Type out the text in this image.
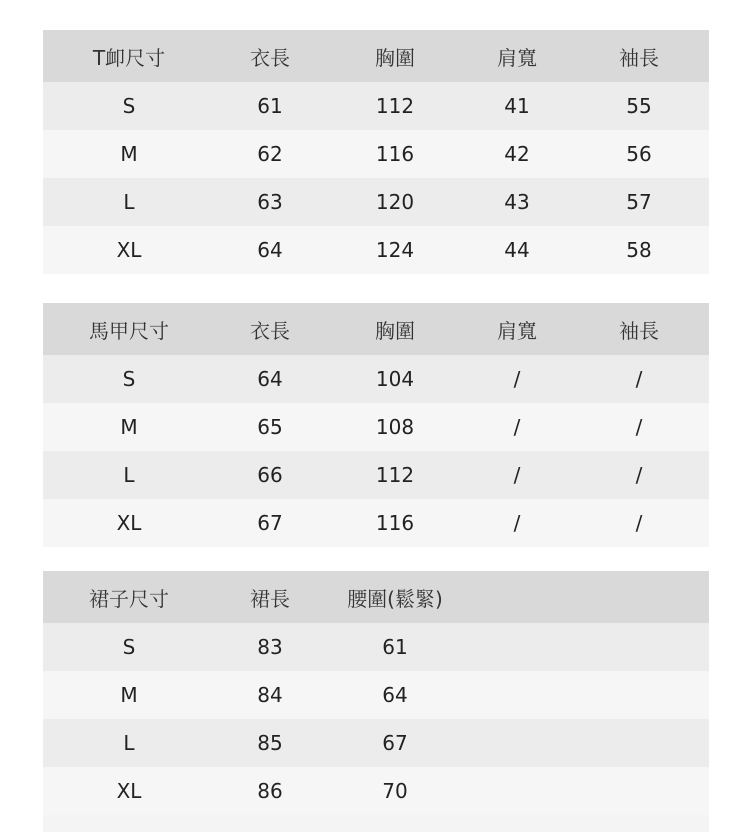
T卹尺寸	衣長	胸圍	肩寬	袖長
S	61	112	41	55
M	62	116	42	56
L	63	120	43	57
XL	64	124	44	58
馬甲尺寸	衣長	胸圍	肩寬	袖長
S	64	104	/	/
M	65	108	/	/
L	66	112	/	/
XL	67	116	/	/
裙子尺寸	裙長	腰圍(鬆緊)
S	83	61
M	84	64
L	85	67
XL	86	70
